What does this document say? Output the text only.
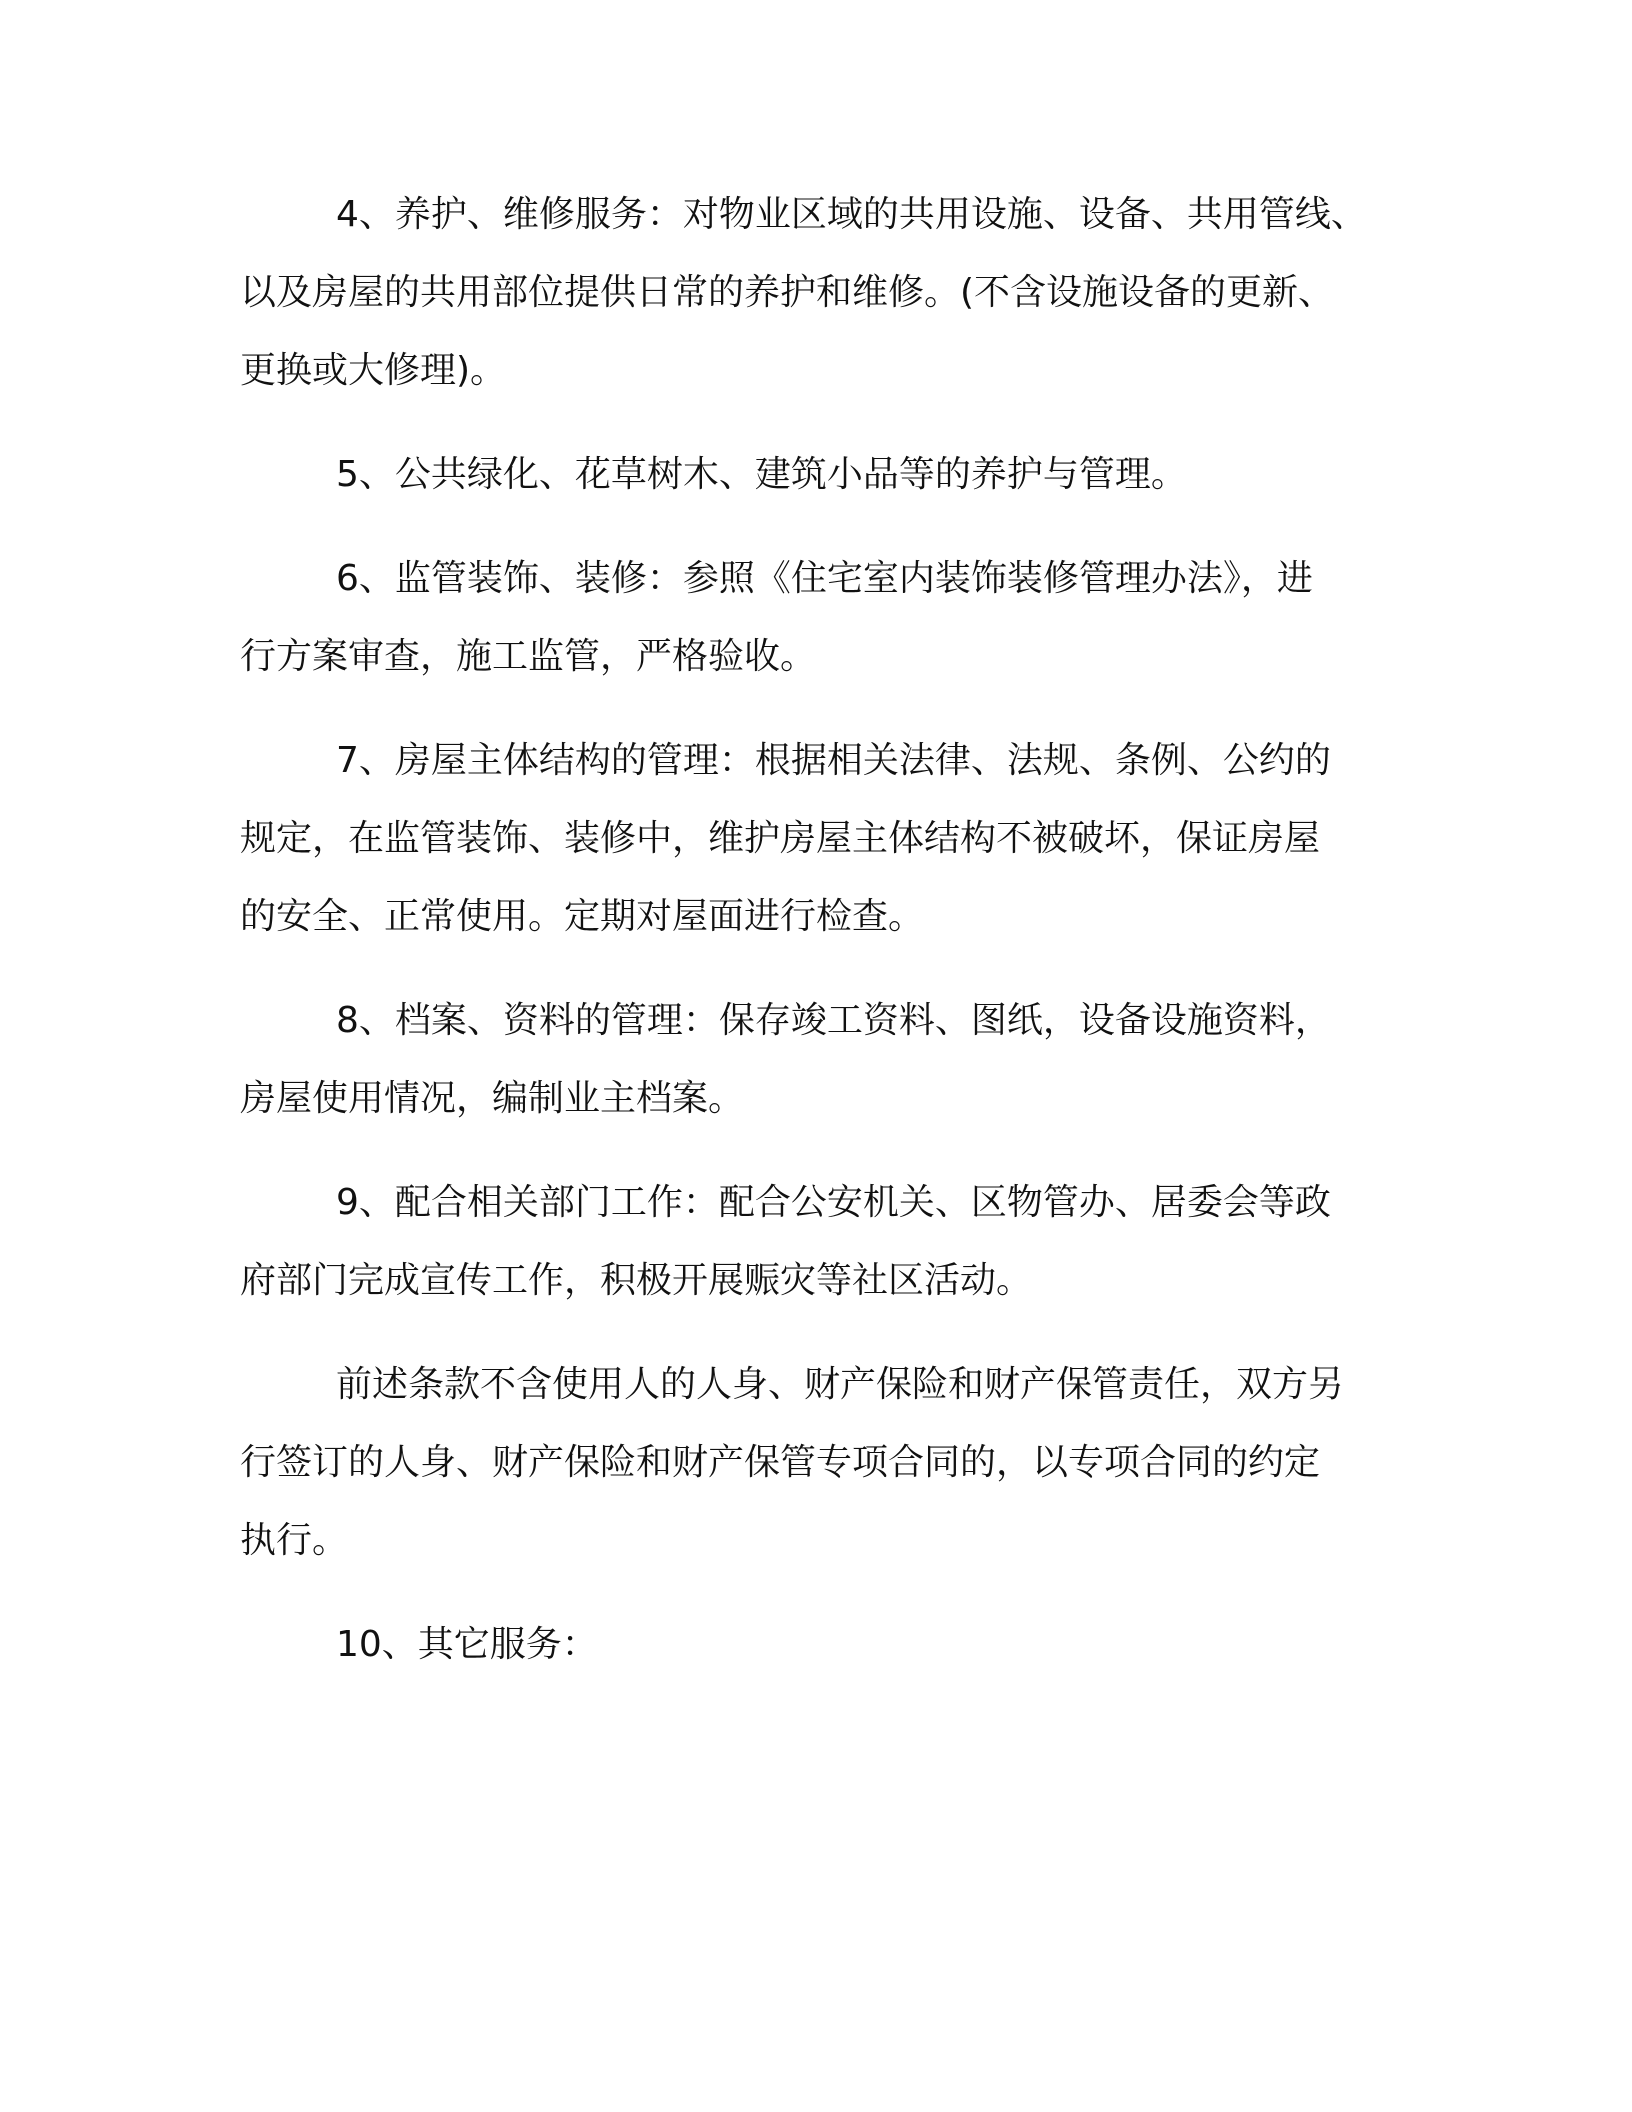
4、养护、维修服务：对物业区域的共用设施、设备、共用管线、
以及房屋的共用部位提供日常的养护和维修。(不含设施设备的更新、
更换或大修理)。

5、公共绿化、花草树木、建筑小品等的养护与管理。

6、监管装饰、装修：参照《住宅室内装饰装修管理办法》，进
行方案审查，施工监管，严格验收。

7、房屋主体结构的管理：根据相关法律、法规、条例、公约的
规定，在监管装饰、装修中，维护房屋主体结构不被破坏，保证房屋
的安全、正常使用。定期对屋面进行检查。

8、档案、资料的管理：保存竣工资料、图纸，设备设施资料，
房屋使用情况，编制业主档案。

9、配合相关部门工作：配合公安机关、区物管办、居委会等政
府部门完成宣传工作，积极开展赈灾等社区活动。

前述条款不含使用人的人身、财产保险和财产保管责任，双方另
行签订的人身、财产保险和财产保管专项合同的，以专项合同的约定
执行。

10、其它服务：
